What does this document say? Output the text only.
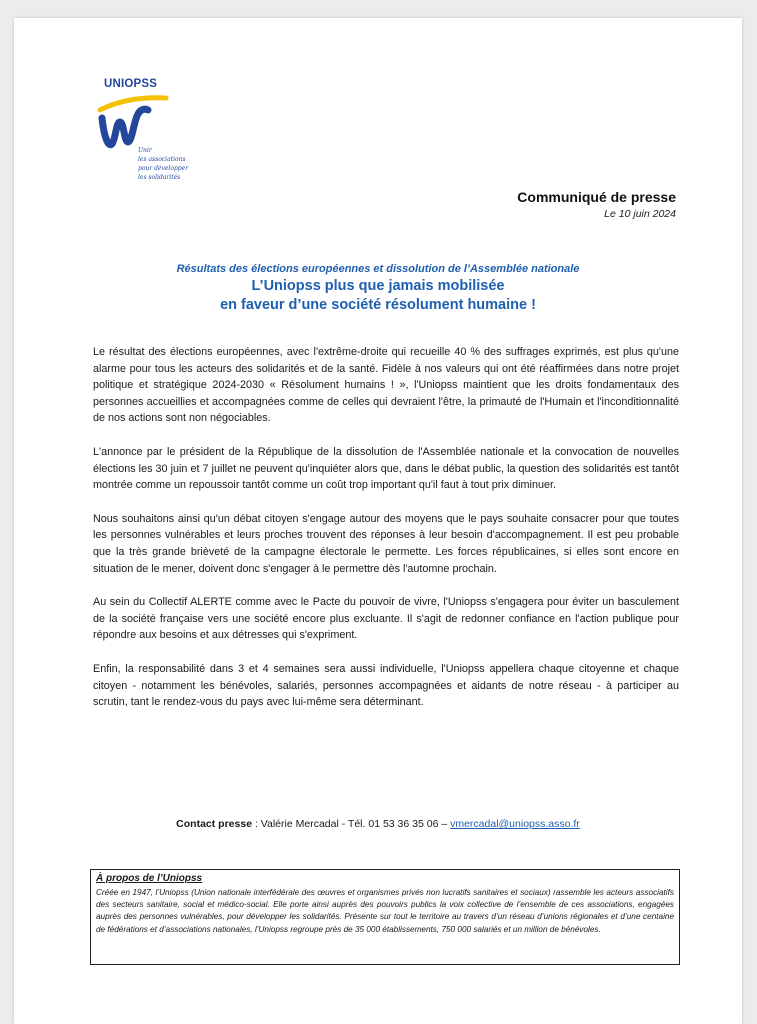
UNIOPSS
Unir
les associations
pour développer
les solidarités
Communiqué de presse
Le 10 juin 2024
Résultats des élections européennes et dissolution de l’Assemblée nationale
L’Uniopss plus que jamais mobilisée
en faveur d’une société résolument humaine !

Le résultat des élections européennes, avec l'extrême-droite qui recueille 40 % des suffrages exprimés, est plus qu'une alarme pour tous les acteurs des solidarités et de la santé. Fidèle à nos valeurs qui ont été réaffirmées dans notre projet politique et stratégique 2024-2030 « Résolument humains ! », l'Uniopss maintient que les droits fondamentaux des personnes accueillies et accompagnées comme de celles qui devraient l'être, la primauté de l'Humain et l'inconditionnalité de nos actions sont non négociables.

L'annonce par le président de la République de la dissolution de l'Assemblée nationale et la convocation de nouvelles élections les 30 juin et 7 juillet ne peuvent qu'inquiéter alors que, dans le débat public, la question des solidarités est tantôt montrée comme un repoussoir tantôt comme un coût trop important qu'il faut à tout prix diminuer.

Nous souhaitons ainsi qu'un débat citoyen s'engage autour des moyens que le pays souhaite consacrer pour que toutes les personnes vulnérables et leurs proches trouvent des réponses à leur besoin d'accompagnement. Il est peu probable que la très grande brièveté de la campagne électorale le permette. Les forces républicaines, si elles sont encore en situation de le mener, doivent donc s'engager à le permettre dès l'automne prochain.

Au sein du Collectif ALERTE comme avec le Pacte du pouvoir de vivre, l'Uniopss s'engagera pour éviter un basculement de la société française vers une société encore plus excluante. Il s'agit de redonner confiance en l'action publique pour répondre aux besoins et aux détresses qui s'expriment.

Enfin, la responsabilité dans 3 et 4 semaines sera aussi individuelle, l'Uniopss appellera chaque citoyenne et chaque citoyen - notamment les bénévoles, salariés, personnes accompagnées et aidants de notre réseau - à participer au scrutin, tant le rendez-vous du pays avec lui-même sera déterminant.

Contact presse : Valérie Mercadal - Tél. 01 53 36 35 06 – vmercadal@uniopss.asso.fr
À propos de l’Uniopss
Créée en 1947, l’Uniopss (Union nationale interfédérale des œuvres et organismes privés non lucratifs sanitaires et sociaux) rassemble les acteurs associatifs des secteurs sanitaire, social et médico-social. Elle porte ainsi auprès des pouvoirs publics la voix collective de l’ensemble de ces associations, engagées auprès des personnes vulnérables, pour développer les solidarités. Présente sur tout le territoire au travers d’un réseau d’unions régionales et d’une centaine de fédérations et d’associations nationales, l’Uniopss regroupe près de 35 000 établissements, 750 000 salariés et un million de bénévoles.
